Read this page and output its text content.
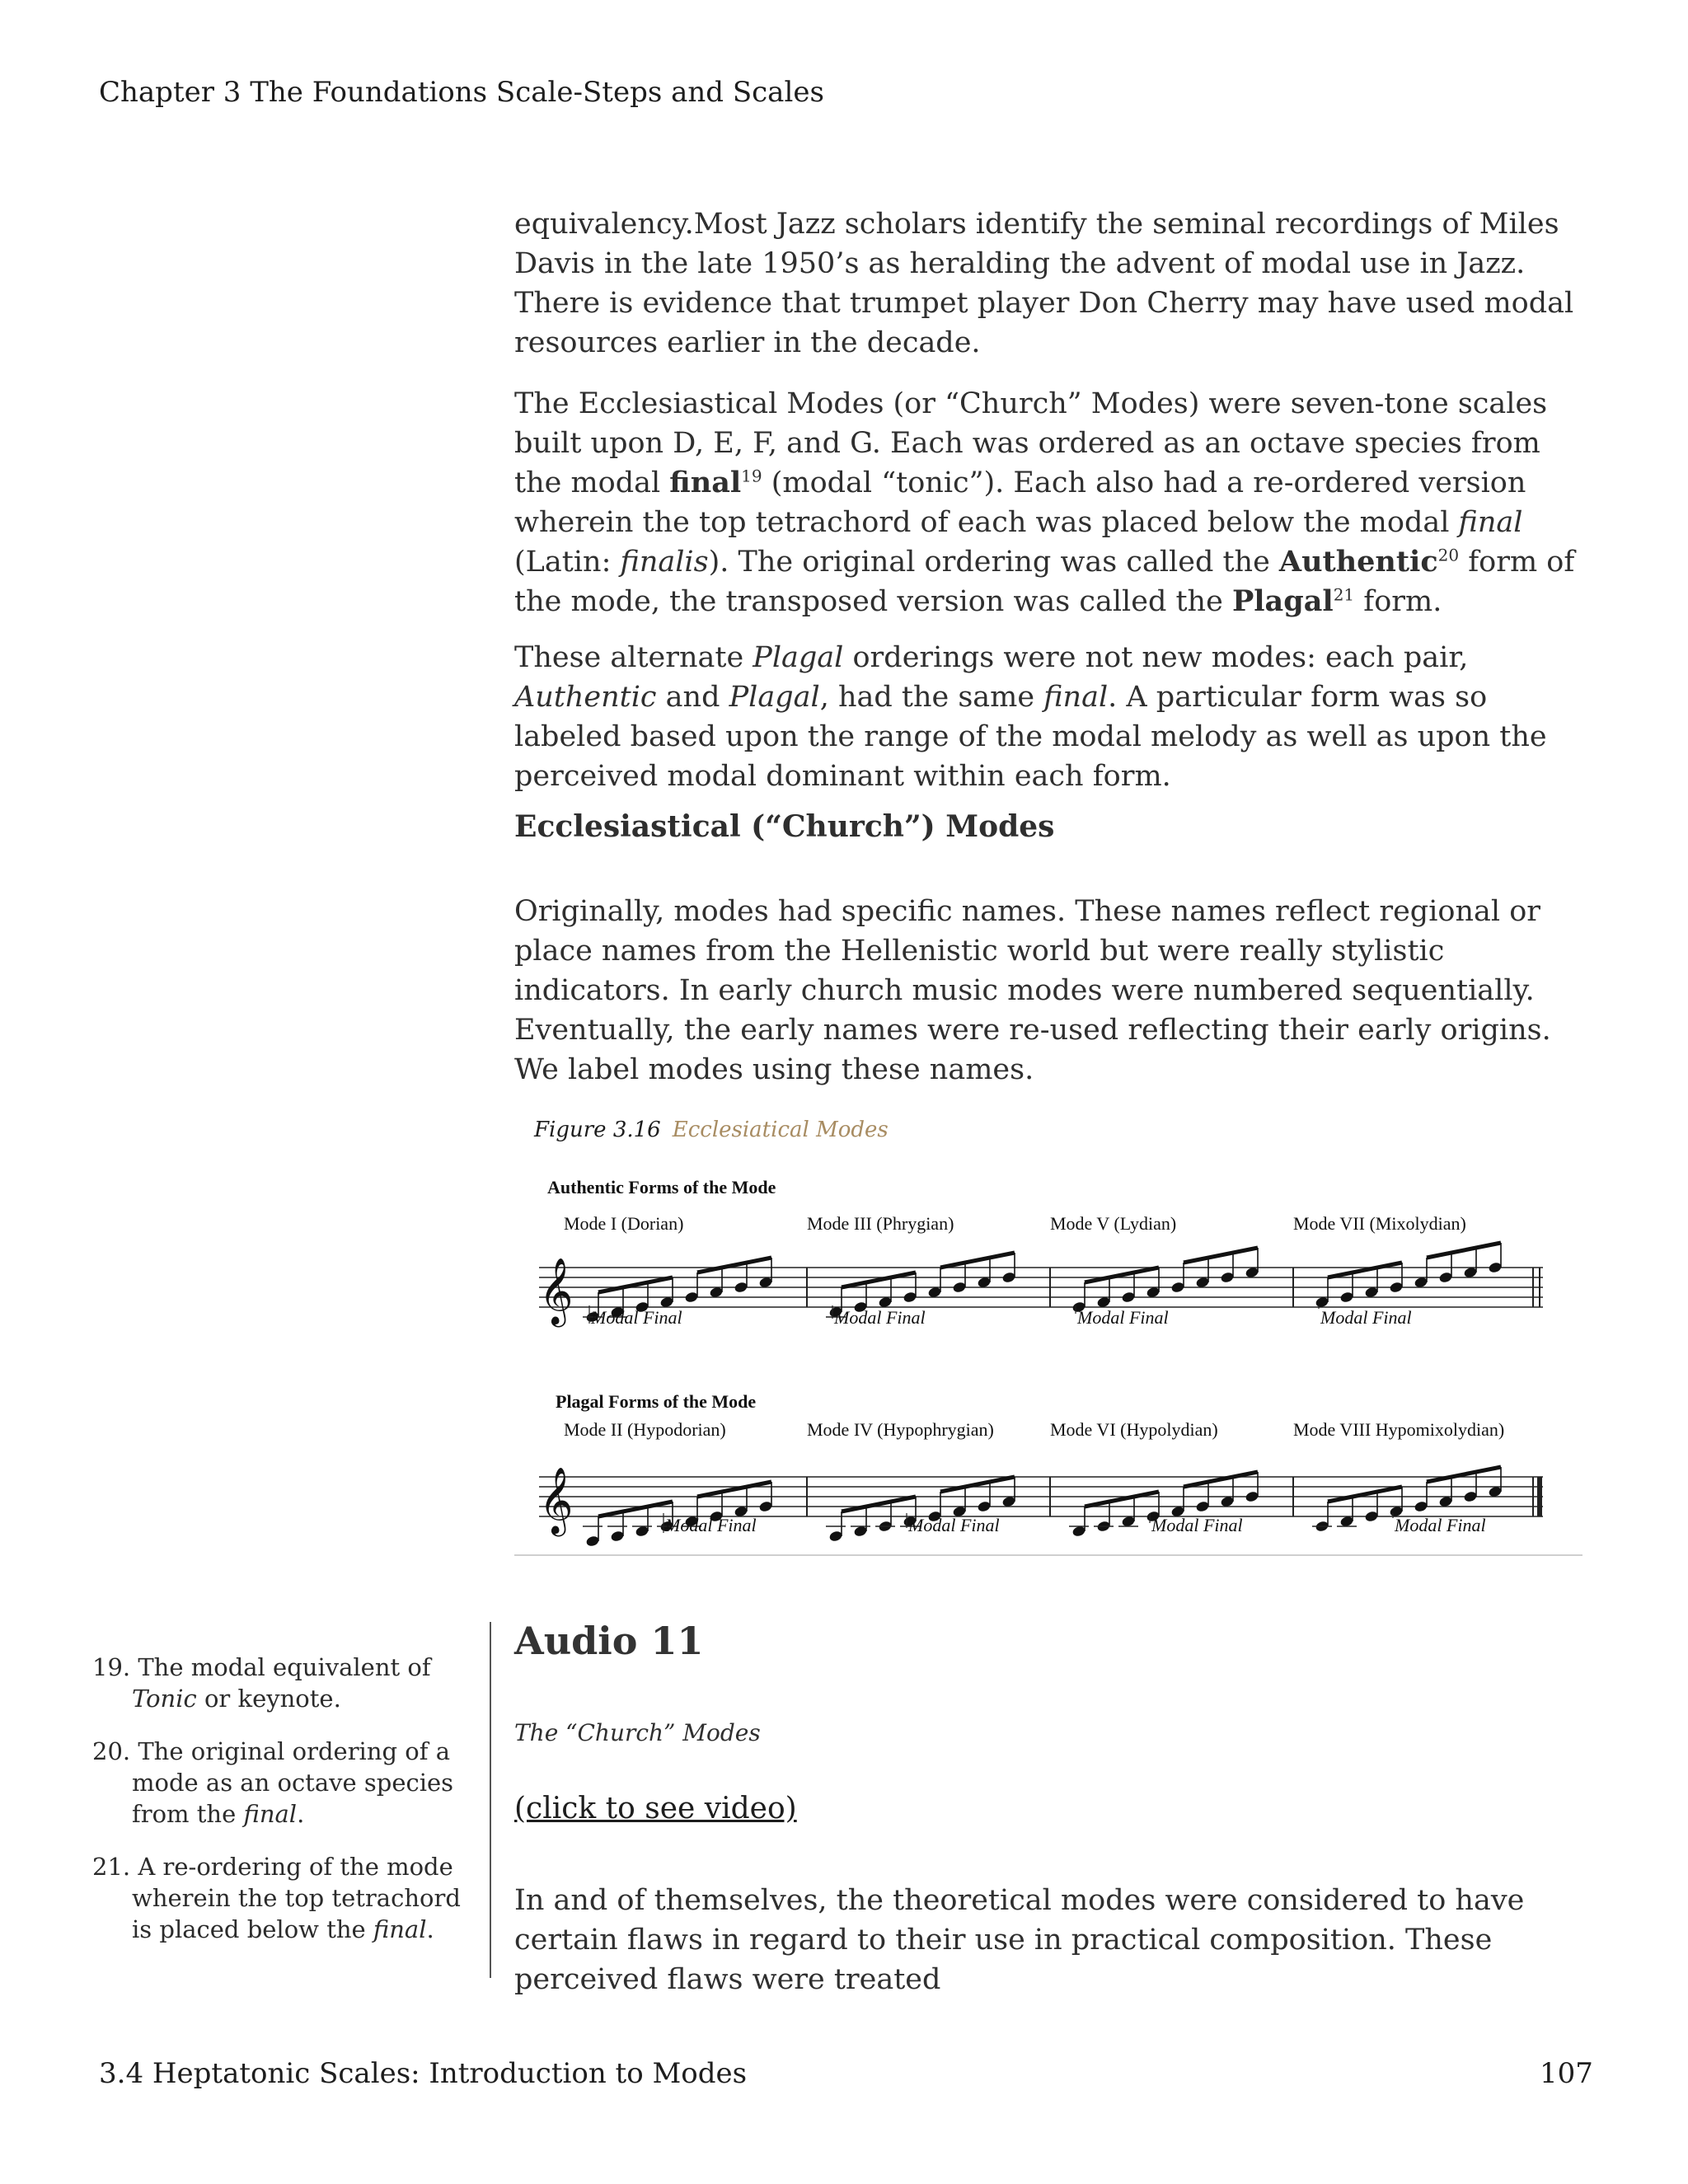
Chapter 3 The Foundations Scale-Steps and Scales

equivalency.Most Jazz scholars identify the seminal recordings of Miles Davis in the late 1950’s as heralding the advent of modal use in Jazz. There is evidence that trumpet player Don Cherry may have used modal resources earlier in the decade.

The Ecclesiastical Modes (or “Church” Modes) were seven-tone scales built upon D, E, F, and G. Each was ordered as an octave species from the modal final$^{19}$ (modal “tonic”). Each also had a re-ordered version wherein the top tetrachord of each was placed below the modal final (Latin: finalis). The original ordering was called the Authentic$^{20}$ form of the mode, the transposed version was called the Plagal$^{21}$ form.

These alternate Plagal orderings were not new modes: each pair, Authentic and Plagal, had the same final. A particular form was so labeled based upon the range of the modal melody as well as upon the perceived modal dominant within each form.

Ecclesiastical (“Church”) Modes

Originally, modes had specific names. These names reflect regional or place names from the Hellenistic world but were really stylistic indicators. In early church music modes were numbered sequentially. Eventually, the early names were re-used reflecting their early origins. We label modes using these names.

Figure 3.16 Ecclesiatical Modes
Authentic Forms of the Mode
Mode I (Dorian)	Mode III (Phrygian)	Mode V (Lydian)	Mode VII (Mixolydian)
𝄞 Modal Final	Modal Final	Modal Final	Modal Final
Plagal Forms of the Mode
Mode II (Hypodorian)	Mode IV (Hypophrygian)	Mode VI (Hypolydian)	Mode VIII Hypomixolydian)
𝄞	Modal Final	Modal Final	Modal Final	Modal Final
19. The modal equivalent of Tonic or keynote.
20. The original ordering of a mode as an octave species from the final.
21. A re-ordering of the mode wherein the top tetrachord is placed below the final.
Audio 11
The “Church” Modes
(click to see video)

In and of themselves, the theoretical modes were considered to have certain flaws in regard to their use in practical composition. These perceived flaws were treated

3.4 Heptatonic Scales: Introduction to Modes	107
